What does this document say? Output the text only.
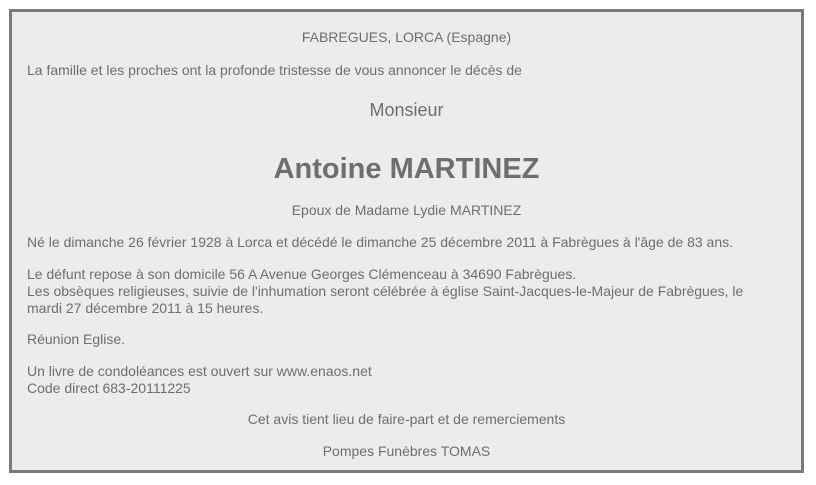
FABREGUES, LORCA (Espagne)

La famille et les proches ont la profonde tristesse de vous annoncer le décès de

Monsieur

Antoine MARTINEZ

Epoux de Madame Lydie MARTINEZ

Né le dimanche 26 février 1928 à Lorca et décédé le dimanche 25 décembre 2011 à Fabrègues à l'âge de 83 ans.

Le défunt repose à son domicile 56 A Avenue Georges Clémenceau à 34690 Fabrègues.
Les obsèques religieuses, suivie de l'inhumation seront célébrée à église Saint-Jacques-le-Majeur de Fabrègues, le
mardi 27 décembre 2011 à 15 heures.

Réunion Eglise.

Un livre de condoléances est ouvert sur www.enaos.net
Code direct 683-20111225

Cet avis tient lieu de faire-part et de remerciements

Pompes Funèbres TOMAS
